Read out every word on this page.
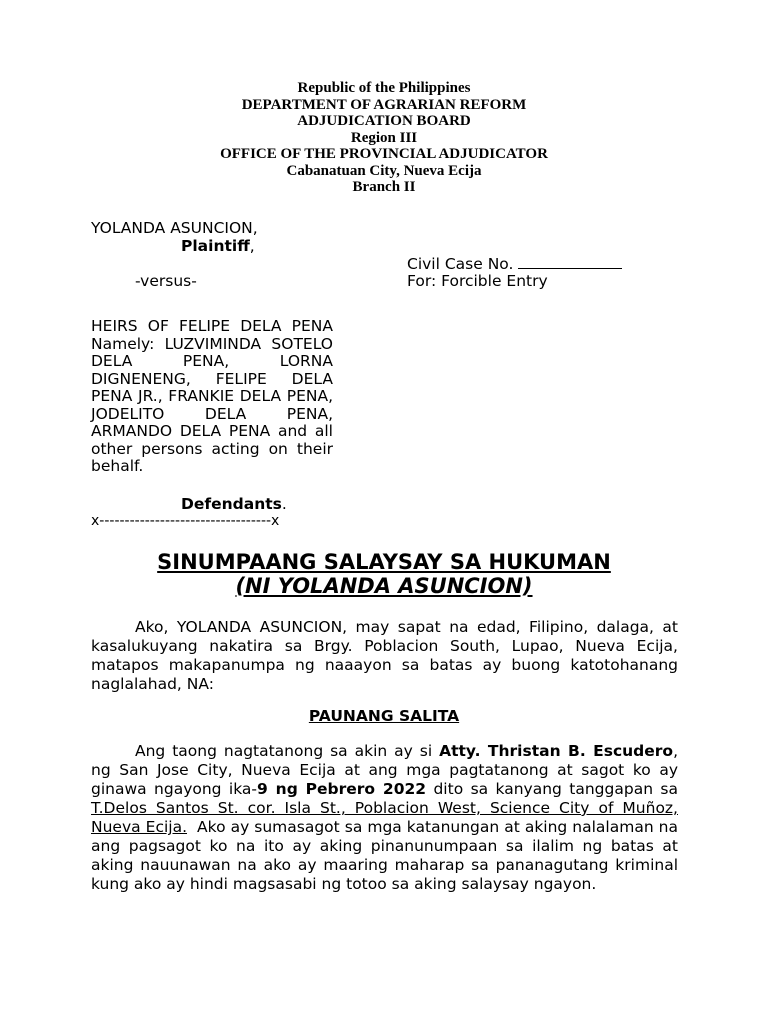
Republic of the Philippines
DEPARTMENT OF AGRARIAN REFORM
ADJUDICATION BOARD
Region III
OFFICE OF THE PROVINCIAL ADJUDICATOR
Cabanatuan City, Nueva Ecija
Branch II
YOLANDA ASUNCION,
Plaintiff,
Civil Case No.
-versus-	For: Forcible Entry
HEIRS OF FELIPE DELA PENA Namely: LUZVIMINDA SOTELO DELA PENA, LORNA DIGNENENG, FELIPE DELA PENA JR., FRANKIE DELA PENA, JODELITO DELA PENA, ARMANDO DELA PENA and all other persons acting on their behalf.
Defendants.
x----------------------------------x
SINUMPAANG SALAYSAY SA HUKUMAN
(NI YOLANDA ASUNCION)
Ako, YOLANDA ASUNCION, may sapat na edad, Filipino, dalaga, at kasalukuyang nakatira sa Brgy. Poblacion South, Lupao, Nueva Ecija, matapos makapanumpa ng naaayon sa batas ay buong katotohanang naglalahad, NA:
PAUNANG SALITA
Ang taong nagtatanong sa akin ay si Atty. Thristan B. Escudero, ng San Jose City, Nueva Ecija at ang mga pagtatanong at sagot ko ay ginawa ngayong ika-9 ng Pebrero 2022 dito sa kanyang tanggapan sa T.Delos Santos St. cor. Isla St., Poblacion West, Science City of Muñoz, Nueva Ecija.  Ako ay sumasagot sa mga katanungan at aking nalalaman na ang pagsagot ko na ito ay aking pinanunumpaan sa ilalim ng batas at aking nauunawan na ako ay maaring maharap sa pananagutang kriminal kung ako ay hindi magsasabi ng totoo sa aking salaysay ngayon.
